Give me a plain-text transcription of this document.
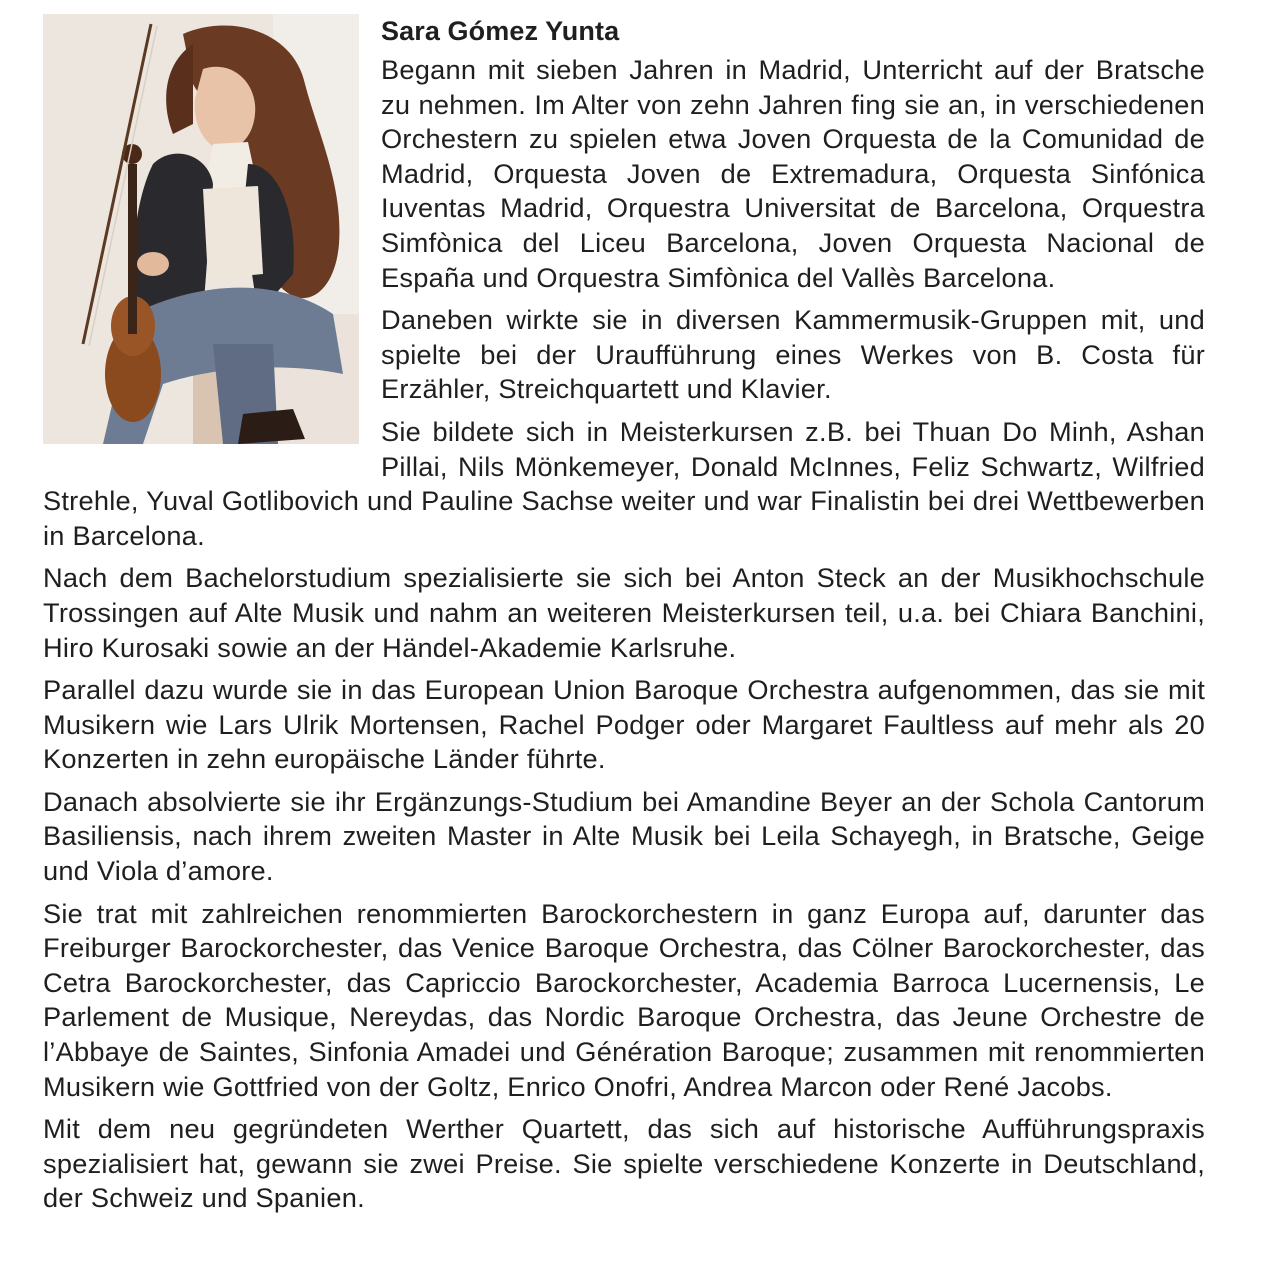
Sara Gómez Yunta

Begann mit sieben Jahren in Madrid, Unterricht auf der Bratsche zu nehmen. Im Alter von zehn Jahren fing sie an, in verschiedenen Orchestern zu spielen etwa Joven Orquesta de la Comunidad de Madrid, Orquesta Joven de Extremadura, Orquesta Sinfónica Iuventas Madrid, Orquestra Universitat de Barcelona, Orquestra Simfònica del Liceu Barcelona, Joven Orquesta Nacional de España und Orquestra Simfònica del Vallès Barcelona.

Daneben wirkte sie in diversen Kammermusik-Gruppen mit, und spielte bei der Uraufführung eines Werkes von B. Costa für Erzähler, Streichquartett und Klavier.

Sie bildete sich in Meisterkursen z.B. bei Thuan Do Minh, Ashan Pillai, Nils Mönkemeyer, Donald McInnes, Feliz Schwartz, Wilfried Strehle, Yuval Gotlibovich und Pauline Sachse weiter und war Finalistin bei drei Wettbewerben in Barcelona.

Nach dem Bachelorstudium spezialisierte sie sich bei Anton Steck an der Musikhochschule Trossingen auf Alte Musik und nahm an weiteren Meisterkursen teil, u.a. bei Chiara Banchini, Hiro Kurosaki sowie an der Händel-Akademie Karlsruhe.

Parallel dazu wurde sie in das European Union Baroque Orchestra aufgenommen, das sie mit Musikern wie Lars Ulrik Mortensen, Rachel Podger oder Margaret Faultless auf mehr als 20 Konzerten in zehn europäische Länder führte.

Danach absolvierte sie ihr Ergänzungs-Studium bei Amandine Beyer an der Schola Cantorum Basiliensis, nach ihrem zweiten Master in Alte Musik bei Leila Schayegh, in Bratsche, Geige und Viola d’amore.

Sie trat mit zahlreichen renommierten Barockorchestern in ganz Europa auf, darunter das Freiburger Barockorchester, das Venice Baroque Orchestra, das Cölner Barockorchester, das Cetra Barockorchester, das Capriccio Barockorchester, Academia Barroca Lucernensis, Le Parlement de Musique, Nereydas, das Nordic Baroque Orchestra, das Jeune Orchestre de l’Abbaye de Saintes, Sinfonia Amadei und Génération Baroque; zusammen mit renommierten Musikern wie Gottfried von der Goltz, Enrico Onofri, Andrea Marcon oder René Jacobs.

Mit dem neu gegründeten Werther Quartett, das sich auf historische Aufführungspraxis spezialisiert hat, gewann sie zwei Preise. Sie spielte verschiedene Konzerte in Deutschland, der Schweiz und Spanien.
